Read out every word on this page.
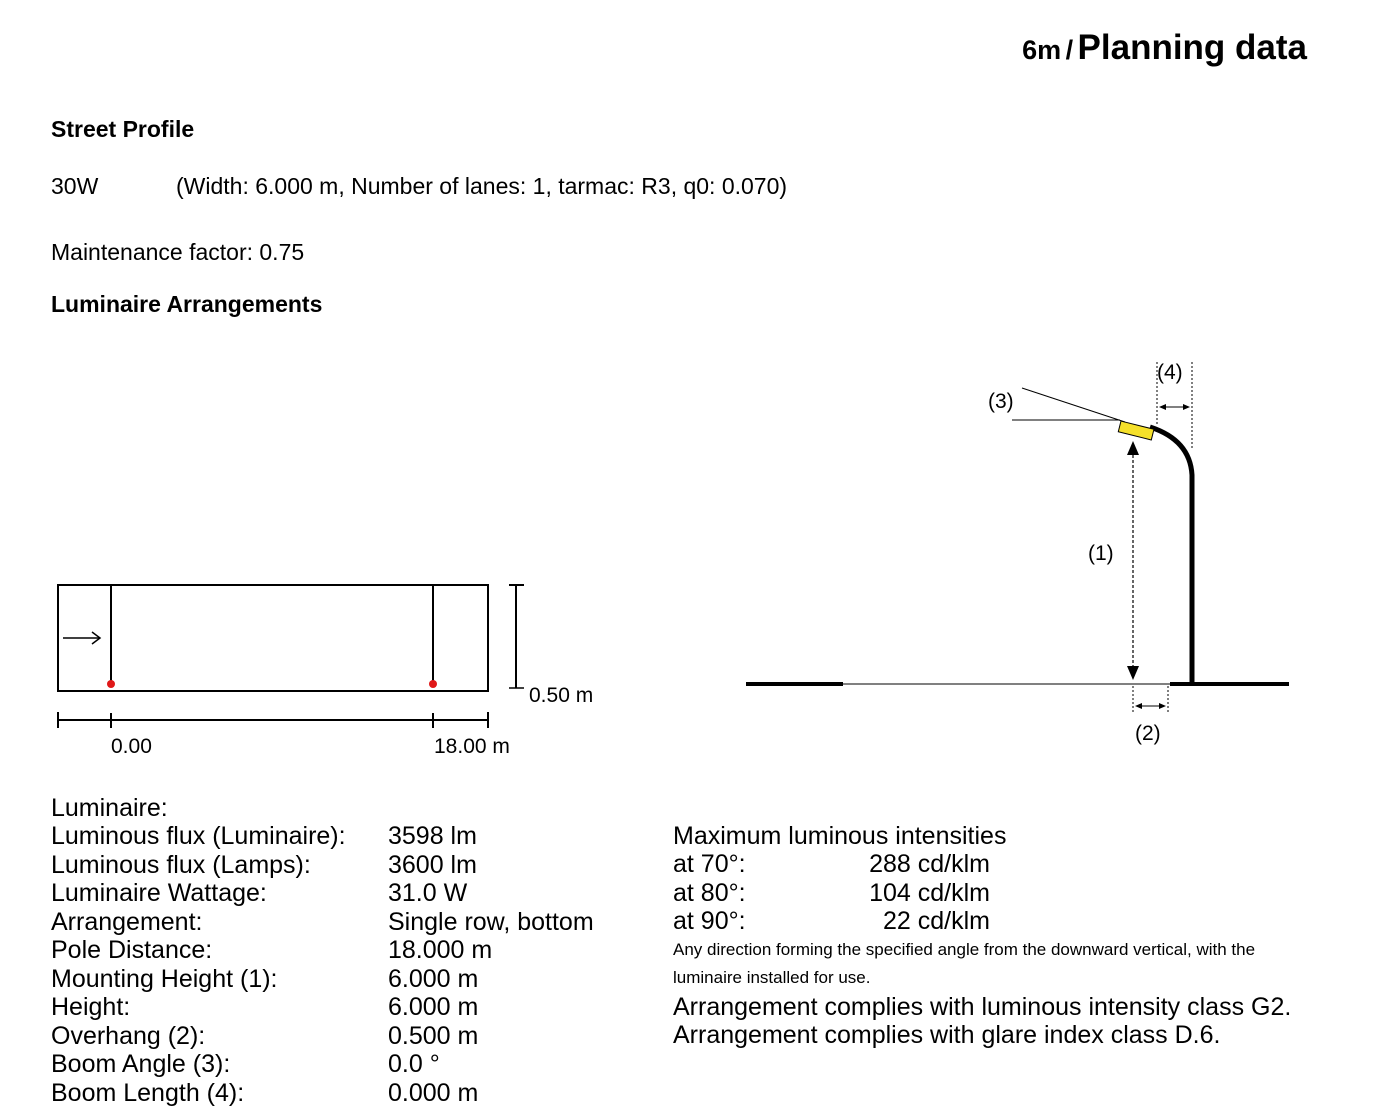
6m / Planning data
Street Profile
30W	(Width: 6.000 m, Number of lanes: 1, tarmac: R3, q0: 0.070)
Maintenance factor: 0.75
Luminaire Arrangements
0.50 m
0.00	18.00 m
(3)
(4)
(1)
(2)
Luminaire:
Luminous flux (Luminaire):
Luminous flux (Lamps):
Luminaire Wattage:
Arrangement:
Pole Distance:
Mounting Height (1):
Height:
Overhang (2):
Boom Angle (3):
Boom Length (4):
3598 lm
3600 lm
31.0 W
Single row, bottom
18.000 m
6.000 m
6.000 m
0.500 m
0.0 °
0.000 m
Maximum luminous intensities
at 70°:
at 80°:
at 90°:
288 cd/klm
104 cd/klm
22 cd/klm
Any direction forming the specified angle from the downward vertical, with the
luminaire installed for use.
Arrangement complies with luminous intensity class G2.
Arrangement complies with glare index class D.6.
